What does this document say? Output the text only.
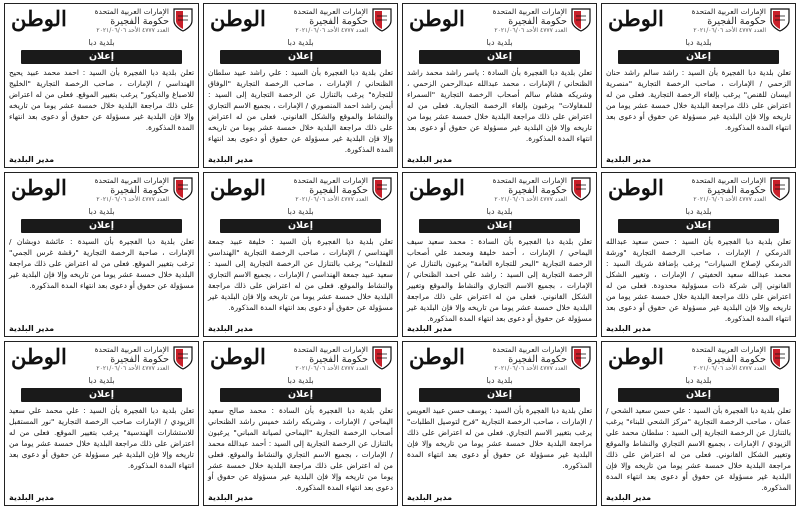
الوطن	الإمارات العربية المتحدة
حكومة الفجيرة
العدد ٤٧٧٧ الأحد ٢٠٢١/٠٦/٠٦
بلدية دبا
إعلان
تعلن بلدية دبا الفجيرة بأن السيد : راشد سالم راشد حنان الزحمي / الإمارات ، صاحب الرخصة التجارية "منصرية ابيسان للقنص" يرغب بإلغاء الرخصة التجارية. فعلى من له اعتراض على ذلك مراجعة البلدية خلال خمسة عشر يوما من تاريخه وإلا فإن البلدية غير مسؤولة عن حقوق أو دعوى بعد انتهاء المدة المذكورة.
مدير البلدية
الوطن	الإمارات العربية المتحدة
حكومة الفجيرة
العدد ٤٧٧٧ الأحد ٢٠٢١/٠٦/٠٦
بلدية دبا
إعلان
تعلن بلدية دبا الفجيرة بأن السادة : ياسر راشد محمد راشد الظنحاني / الإمارات ، محمد عبدالله عبدالرحمن الزحمي ، وشريكه هشام سالم أصحاب الرخصة التجارية "السمراء للمقاولات" يرغبون بإلغاء الرخصة التجارية. فعلى من له اعتراض على ذلك مراجعة البلدية خلال خمسة عشر يوما من تاريخه وإلا فإن البلدية غير مسؤولة عن حقوق أو دعوى بعد انتهاء المدة المذكورة.
مدير البلدية
الوطن	الإمارات العربية المتحدة
حكومة الفجيرة
العدد ٤٧٧٧ الأحد ٢٠٢١/٠٦/٠٦
بلدية دبا
إعلان
تعلن بلدية دبا الفجيرة بأن السيد : علي راشد عبيد سلطان الظنحاني / الإمارات ، صاحب الرخصة التجارية "الوفاق للتجارة" يرغب بالتنازل عن الرخصة التجارية إلى السيد : أيمن راشد احمد المنصوري / الإمارات ، بجميع الاسم التجاري والنشاط والموقع والشكل القانوني. فعلى من له اعتراض على ذلك مراجعة البلدية خلال خمسة عشر يوما من تاريخه وإلا فإن البلدية غير مسؤولة عن حقوق أو دعوى بعد انتهاء المدة المذكورة.
مدير البلدية
الوطن	الإمارات العربية المتحدة
حكومة الفجيرة
العدد ٤٧٧٧ الأحد ٢٠٢١/٠٦/٠٦
بلدية دبا
إعلان
تعلن بلدية دبا الفجيرة بأن السيد : احمد محمد عبيد يحيح الهنداسي / الإمارات ، صاحب الرخصة التجارية "الخليج للاصباغ والديكور" يرغب بتغيير الموقع. فعلى من له اعتراض على ذلك مراجعة البلدية خلال خمسة عشر يوما من تاريخه وإلا فإن البلدية غير مسؤولة عن حقوق أو دعوى بعد انتهاء المدة المذكورة.
مدير البلدية
الوطن	الإمارات العربية المتحدة
حكومة الفجيرة
العدد ٤٧٧٧ الأحد ٢٠٢١/٠٦/٠٦
بلدية دبا
إعلان
تعلن بلدية دبا الفجيرة بأن السيد : حسن سعيد عبدالله الدرمكي / الإمارات ، صاحب الرخصة التجارية "ورشة الدرمكي لإصلاح السيارات" يرغب بإضافة شريك السيد : محمد عبدالله سعيد الحفيتي / الإمارات ، وتغيير الشكل القانوني إلى شركة ذات مسؤولية محدودة. فعلى من له اعتراض على ذلك مراجعة البلدية خلال خمسة عشر يوما من تاريخه وإلا فإن البلدية غير مسؤولة عن حقوق أو دعوى بعد انتهاء المدة المذكورة.
مدير البلدية
الوطن	الإمارات العربية المتحدة
حكومة الفجيرة
العدد ٤٧٧٧ الأحد ٢٠٢١/٠٦/٠٦
بلدية دبا
إعلان
تعلن بلدية دبا الفجيرة بأن السادة : محمد سعيد سيف اليماحي / الإمارات ، أحمد خليفة ومحمد علي أصحاب الرخصة التجارية "البحر للتجارة العامة" يرغبون بالتنازل عن الرخصة التجارية إلى السيد : راشد علي احمد الظنحاني / الإمارات ، بجميع الاسم التجاري والنشاط والموقع وتغيير الشكل القانوني. فعلى من له اعتراض على ذلك مراجعة البلدية خلال خمسة عشر يوما من تاريخه وإلا فإن البلدية غير مسؤولة عن حقوق أو دعوى بعد انتهاء المدة المذكورة.
مدير البلدية
الوطن	الإمارات العربية المتحدة
حكومة الفجيرة
العدد ٤٧٧٧ الأحد ٢٠٢١/٠٦/٠٦
بلدية دبا
إعلان
تعلن بلدية دبا الفجيرة بأن السيد : خليفة عبيد جمعة الهنداسي / الإمارات ، صاحب الرخصة التجارية "الهنداسي للنقليات" يرغب بالتنازل عن الرخصة التجارية إلى السيد : سعيد عبيد جمعة الهنداسي / الإمارات ، بجميع الاسم التجاري والنشاط والموقع. فعلى من له اعتراض على ذلك مراجعة البلدية خلال خمسة عشر يوما من تاريخه وإلا فإن البلدية غير مسؤولة عن حقوق أو دعوى بعد انتهاء المدة المذكورة.
مدير البلدية
الوطن	الإمارات العربية المتحدة
حكومة الفجيرة
العدد ٤٧٧٧ الأحد ٢٠٢١/٠٦/٠٦
بلدية دبا
إعلان
تعلن بلدية دبا الفجيرة بأن السيدة : عائشة دوبشان / الإمارات ، صاحبة الرخصة التجارية "رقشة غرس الجمي" ترغب بتغيير الموقع. فعلى من له اعتراض على ذلك مراجعة البلدية خلال خمسة عشر يوما من تاريخه وإلا فإن البلدية غير مسؤولة عن حقوق أو دعوى بعد انتهاء المدة المذكورة.
مدير البلدية
الوطن	الإمارات العربية المتحدة
حكومة الفجيرة
العدد ٤٧٧٧ الأحد ٢٠٢١/٠٦/٠٦
بلدية دبا
إعلان
تعلن بلدية دبا الفجيرة بأن السيد : علي حسن سعيد الشحي / عمان ، صاحب الرخصة التجارية "مركز الشحي للبناء" يرغب بالتنازل عن الرخصة التجارية إلى السيد : سلطان محمد علي الزيودي / الإمارات ، بجميع الاسم التجاري والنشاط والموقع وتغيير الشكل القانوني. فعلى من له اعتراض على ذلك مراجعة البلدية خلال خمسة عشر يوما من تاريخه وإلا فإن البلدية غير مسؤولة عن حقوق أو دعوى بعد انتهاء المدة المذكورة.
مدير البلدية
الوطن	الإمارات العربية المتحدة
حكومة الفجيرة
العدد ٤٧٧٧ الأحد ٢٠٢١/٠٦/٠٦
بلدية دبا
إعلان
تعلن بلدية دبا الفجيرة بأن السيد : يوسف حسن عبيد العويس / الإمارات ، صاحب الرخصة التجارية "فرح لتوصيل الطلبات" يرغب بتغيير الاسم التجاري. فعلى من له اعتراض على ذلك مراجعة البلدية خلال خمسة عشر يوما من تاريخه وإلا فإن البلدية غير مسؤولة عن حقوق أو دعوى بعد انتهاء المدة المذكورة.
مدير البلدية
الوطن	الإمارات العربية المتحدة
حكومة الفجيرة
العدد ٤٧٧٧ الأحد ٢٠٢١/٠٦/٠٦
بلدية دبا
إعلان
تعلن بلدية دبا الفجيرة بأن السادة : محمد صالح سعيد اليماحي / الإمارات ، وشريكه راشد خميس راشد الظنحاني أصحاب الرخصة التجارية "اليماحي لصيانة المباني" يرغبون بالتنازل عن الرخصة التجارية إلى السيد : أحمد عبدالله محمد / الإمارات ، بجميع الاسم التجاري والنشاط والموقع. فعلى من له اعتراض على ذلك مراجعة البلدية خلال خمسة عشر يوما من تاريخه وإلا فإن البلدية غير مسؤولة عن حقوق أو دعوى بعد انتهاء المدة المذكورة.
مدير البلدية
الوطن	الإمارات العربية المتحدة
حكومة الفجيرة
العدد ٤٧٧٧ الأحد ٢٠٢١/٠٦/٠٦
بلدية دبا
إعلان
تعلن بلدية دبا الفجيرة بأن السيد : علي محمد علي سعيد الزيودي / الإمارات صاحب الرخصة التجارية "نور المستقبل للاستشارات الهندسية" يرغب بتغيير الموقع. فعلى من له اعتراض على ذلك مراجعة البلدية خلال خمسة عشر يوما من تاريخه وإلا فإن البلدية غير مسؤولة عن حقوق أو دعوى بعد انتهاء المدة المذكورة.
مدير البلدية
